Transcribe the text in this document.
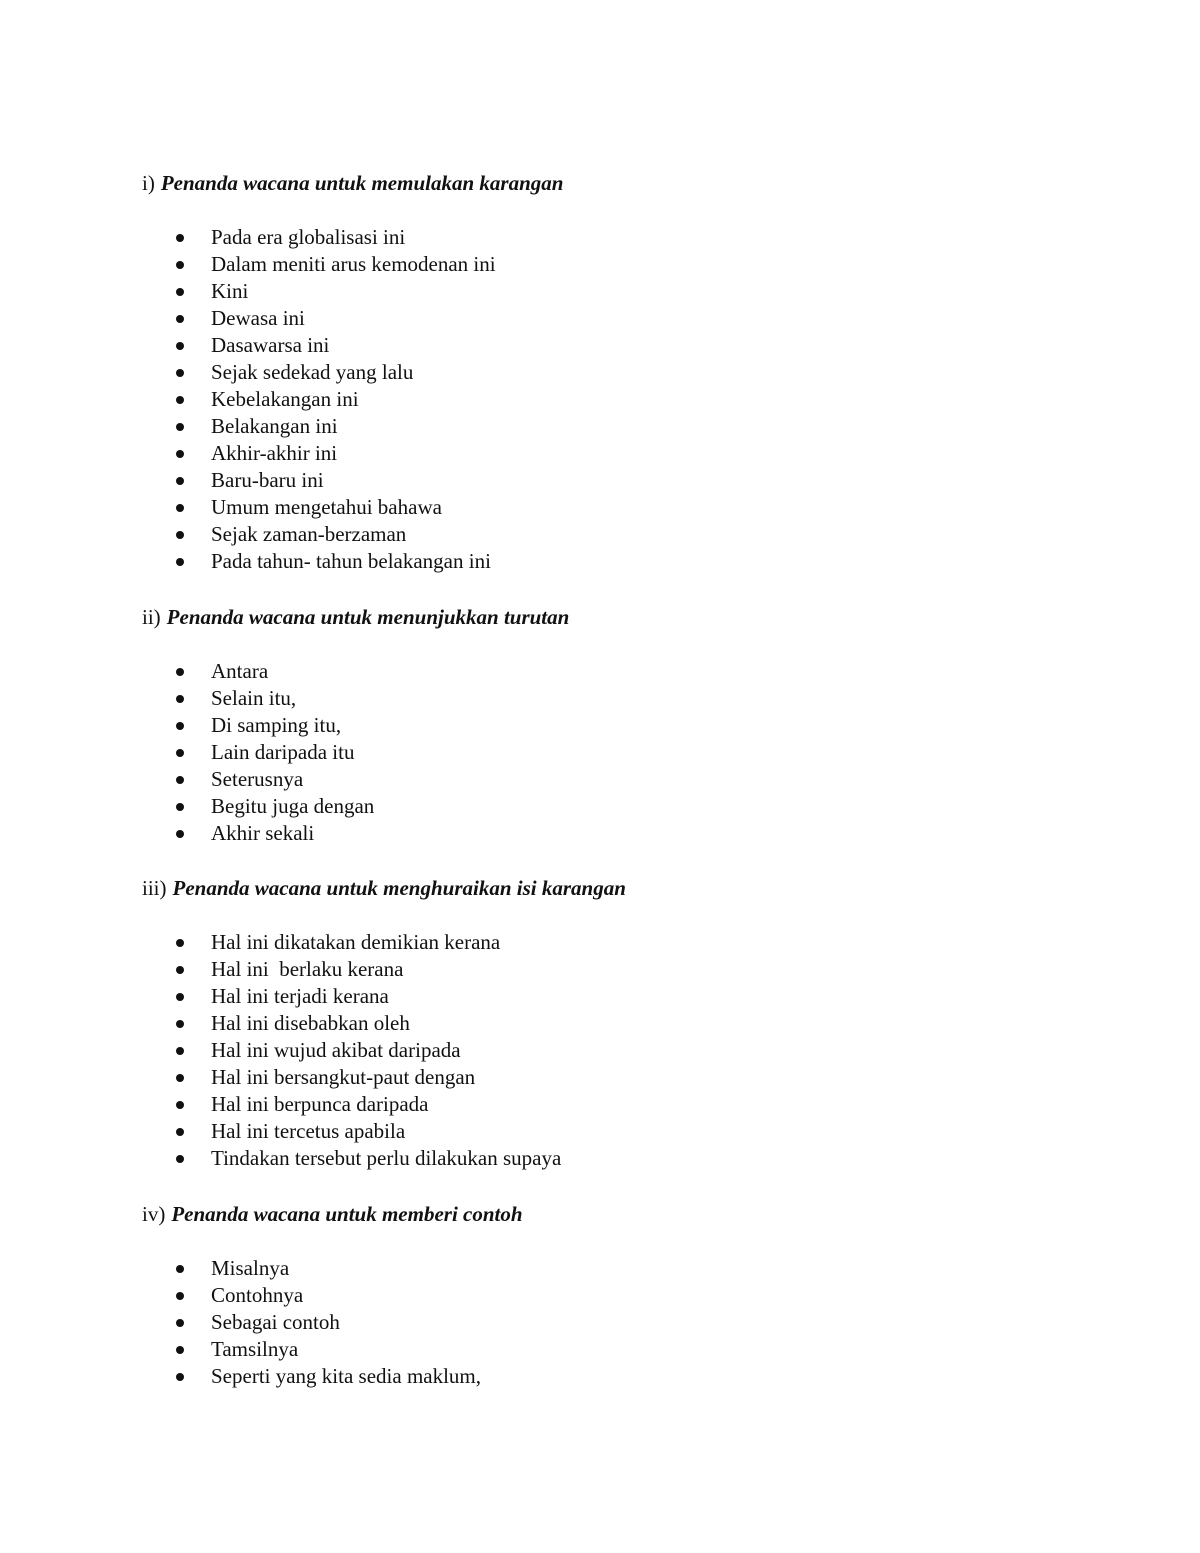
i) Penanda wacana untuk memulakan karangan
Pada era globalisasi ini
Dalam meniti arus kemodenan ini
Kini
Dewasa ini
Dasawarsa ini
Sejak sedekad yang lalu
Kebelakangan ini
Belakangan ini
Akhir-akhir ini
Baru-baru ini
Umum mengetahui bahawa
Sejak zaman-berzaman
Pada tahun- tahun belakangan ini
ii) Penanda wacana untuk menunjukkan turutan
Antara
Selain itu,
Di samping itu,
Lain daripada itu
Seterusnya
Begitu juga dengan
Akhir sekali
iii) Penanda wacana untuk menghuraikan isi karangan
Hal ini dikatakan demikian kerana
Hal ini  berlaku kerana
Hal ini terjadi kerana
Hal ini disebabkan oleh
Hal ini wujud akibat daripada
Hal ini bersangkut-paut dengan
Hal ini berpunca daripada
Hal ini tercetus apabila
Tindakan tersebut perlu dilakukan supaya
iv) Penanda wacana untuk memberi contoh
Misalnya
Contohnya
Sebagai contoh
Tamsilnya
Seperti yang kita sedia maklum,
